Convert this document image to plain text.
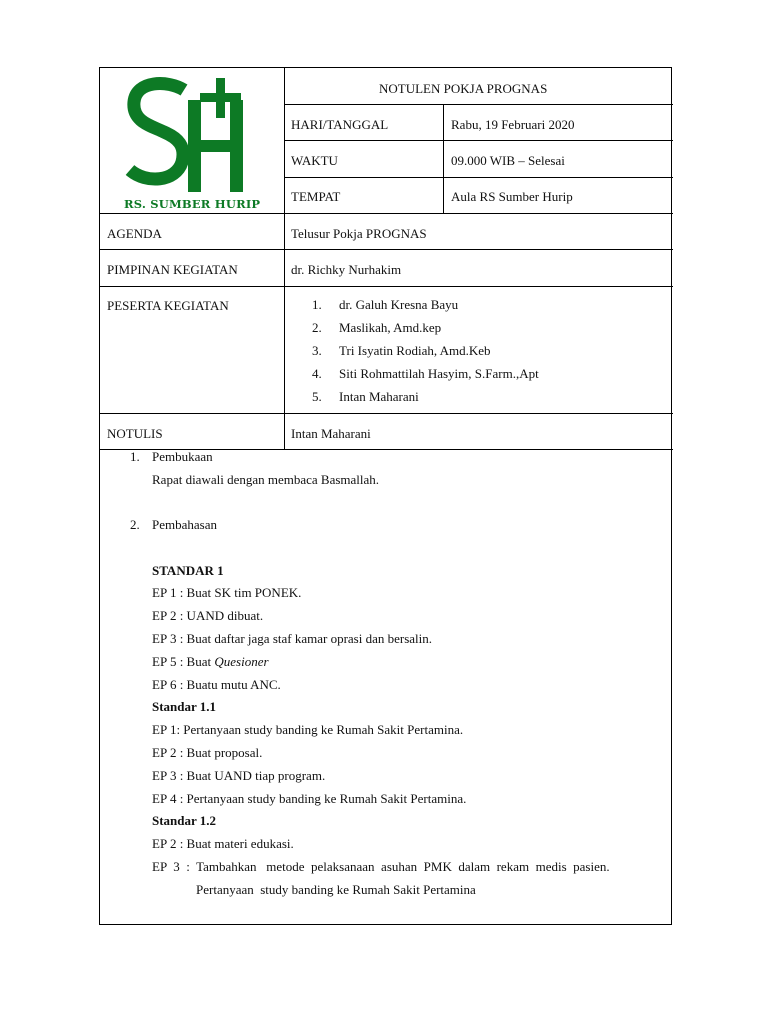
RS. SUMBER HURIP
NOTULEN POKJA PROGNAS
HARI/TANGGAL	Rabu, 19 Februari 2020
WAKTU	09.000 WIB – Selesai
TEMPAT	Aula RS Sumber Hurip
AGENDA	Telusur Pokja PROGNAS
PIMPINAN KEGIATAN	dr. Richky Nurhakim
PESERTA KEGIATAN	1. dr. Galuh Kresna Bayu
2. Maslikah, Amd.kep
3. Tri Isyatin Rodiah, Amd.Keb
4. Siti Rohmattilah Hasyim, S.Farm.,Apt
5. Intan Maharani
NOTULIS	Intan Maharani
1. Pembukaan
Rapat diawali dengan membaca Basmallah.
2. Pembahasan
STANDAR 1
EP 1 : Buat SK tim PONEK.
EP 2 : UAND dibuat.
EP 3 : Buat daftar jaga staf kamar oprasi dan bersalin.
EP 5 : Buat Quesioner
EP 6 : Buatu mutu ANC.
Standar 1.1
EP 1: Pertanyaan study banding ke Rumah Sakit Pertamina.
EP 2 : Buat proposal.
EP 3 : Buat UAND tiap program.
EP 4 : Pertanyaan study banding ke Rumah Sakit Pertamina.
Standar 1.2
EP 2 : Buat materi edukasi.
EP  3  :  Tambahkan   metode  pelaksanaan  asuhan  PMK  dalam  rekam  medis  pasien.
Pertanyaan  study banding ke Rumah Sakit Pertamina
